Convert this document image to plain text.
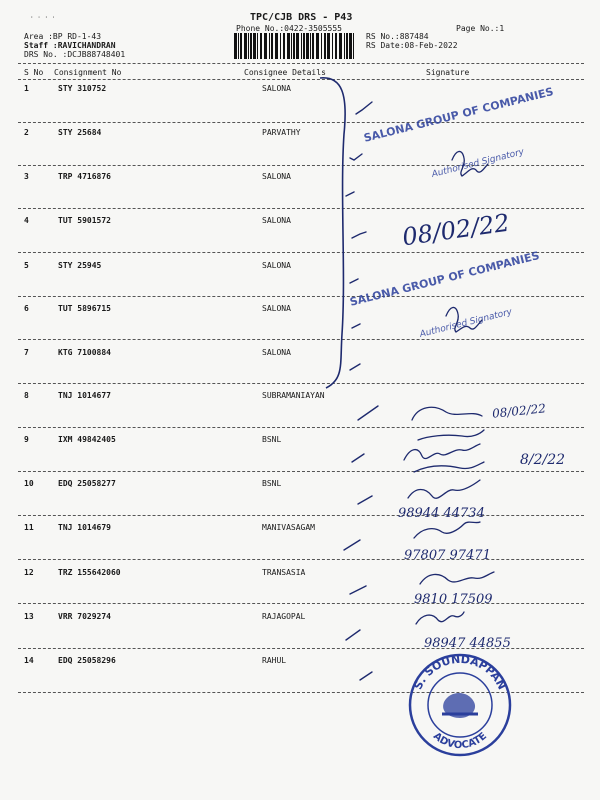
· · · ·	TPC/CJB DRS - P43
Phone No.:0422-3505555	Page No.:1
Area :BP RD-1-43
Staff :RAVICHANDRAN
DRS No. :DCJB88748401
RS No.:887484
RS Date:08-Feb-2022
S No Consignment No	Consignee Details	Signature
1	STY 310752	SALONA
2	STY 25684	PARVATHY
3	TRP 4716876	SALONA
4	TUT 5901572	SALONA
5	STY 25945	SALONA
6	TUT 5896715	SALONA
7	KTG 7100884	SALONA
8	TNJ 1014677	SUBRAMANIAYAN
9	IXM 49842405	BSNL
10	EDQ 25058277	BSNL
11	TNJ 1014679	MANIVASAGAM
12	TRZ 155642060	TRANSASIA
13	VRR 7029274	RAJAGOPAL
14	EDQ 25058296	RAHUL
SALONA GROUP OF COMPANIES
Authorised Signatory
SALONA GROUP OF COMPANIES
Authorised Signatory
08/02/22
08/02/22
8/2/22
98944 44734
97807 97471
9810 17509
98947 44855
S. SOUNDAPPAN
ADVOCATE
